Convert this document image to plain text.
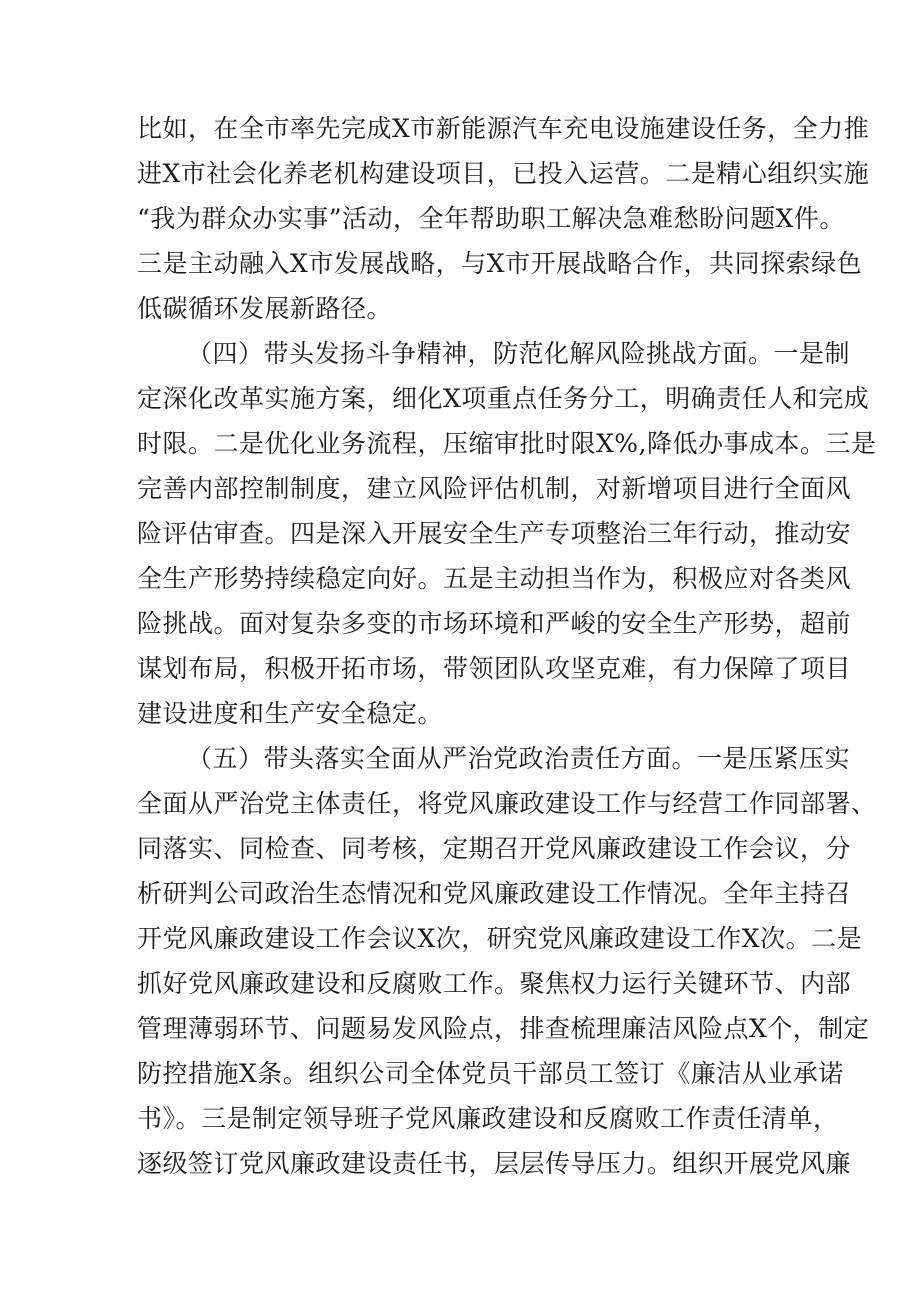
比如，在全市率先完成X市新能源汽车充电设施建设任务，全力推
进X市社会化养老机构建设项目，已投入运营。二是精心组织实施
“我为群众办实事”活动，全年帮助职工解决急难愁盼问题X件。
三是主动融入X市发展战略，与X市开展战略合作，共同探索绿色
低碳循环发展新路径。
（四）带头发扬斗争精神，防范化解风险挑战方面。一是制
定深化改革实施方案，细化X项重点任务分工，明确责任人和完成
时限。二是优化业务流程，压缩审批时限X%,降低办事成本。三是
完善内部控制制度，建立风险评估机制，对新增项目进行全面风
险评估审查。四是深入开展安全生产专项整治三年行动，推动安
全生产形势持续稳定向好。五是主动担当作为，积极应对各类风
险挑战。面对复杂多变的市场环境和严峻的安全生产形势，超前
谋划布局，积极开拓市场，带领团队攻坚克难，有力保障了项目
建设进度和生产安全稳定。
（五）带头落实全面从严治党政治责任方面。一是压紧压实
全面从严治党主体责任，将党风廉政建设工作与经营工作同部署、
同落实、同检查、同考核，定期召开党风廉政建设工作会议，分
析研判公司政治生态情况和党风廉政建设工作情况。全年主持召
开党风廉政建设工作会议X次，研究党风廉政建设工作X次。二是
抓好党风廉政建设和反腐败工作。聚焦权力运行关键环节、内部
管理薄弱环节、问题易发风险点，排查梳理廉洁风险点X个，制定
防控措施X条。组织公司全体党员干部员工签订《廉洁从业承诺
书》。三是制定领导班子党风廉政建设和反腐败工作责任清单，
逐级签订党风廉政建设责任书，层层传导压力。组织开展党风廉
